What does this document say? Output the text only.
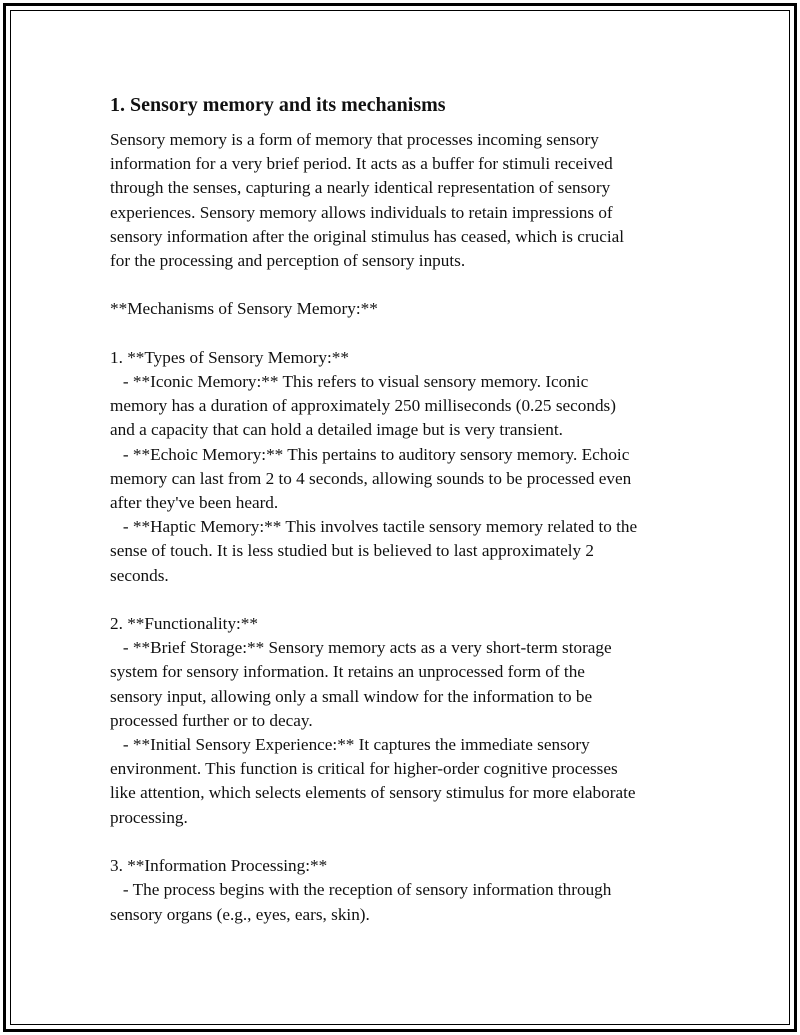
1. Sensory memory and its mechanisms
Sensory memory is a form of memory that processes incoming sensory
information for a very brief period. It acts as a buffer for stimuli received
through the senses, capturing a nearly identical representation of sensory
experiences. Sensory memory allows individuals to retain impressions of
sensory information after the original stimulus has ceased, which is crucial
for the processing and perception of sensory inputs.

**Mechanisms of Sensory Memory:**

1. **Types of Sensory Memory:**
- **Iconic Memory:** This refers to visual sensory memory. Iconic
memory has a duration of approximately 250 milliseconds (0.25 seconds)
and a capacity that can hold a detailed image but is very transient.
- **Echoic Memory:** This pertains to auditory sensory memory. Echoic
memory can last from 2 to 4 seconds, allowing sounds to be processed even
after they've been heard.
- **Haptic Memory:** This involves tactile sensory memory related to the
sense of touch. It is less studied but is believed to last approximately 2
seconds.

2. **Functionality:**
- **Brief Storage:** Sensory memory acts as a very short-term storage
system for sensory information. It retains an unprocessed form of the
sensory input, allowing only a small window for the information to be
processed further or to decay.
- **Initial Sensory Experience:** It captures the immediate sensory
environment. This function is critical for higher-order cognitive processes
like attention, which selects elements of sensory stimulus for more elaborate
processing.

3. **Information Processing:**
- The process begins with the reception of sensory information through
sensory organs (e.g., eyes, ears, skin).
